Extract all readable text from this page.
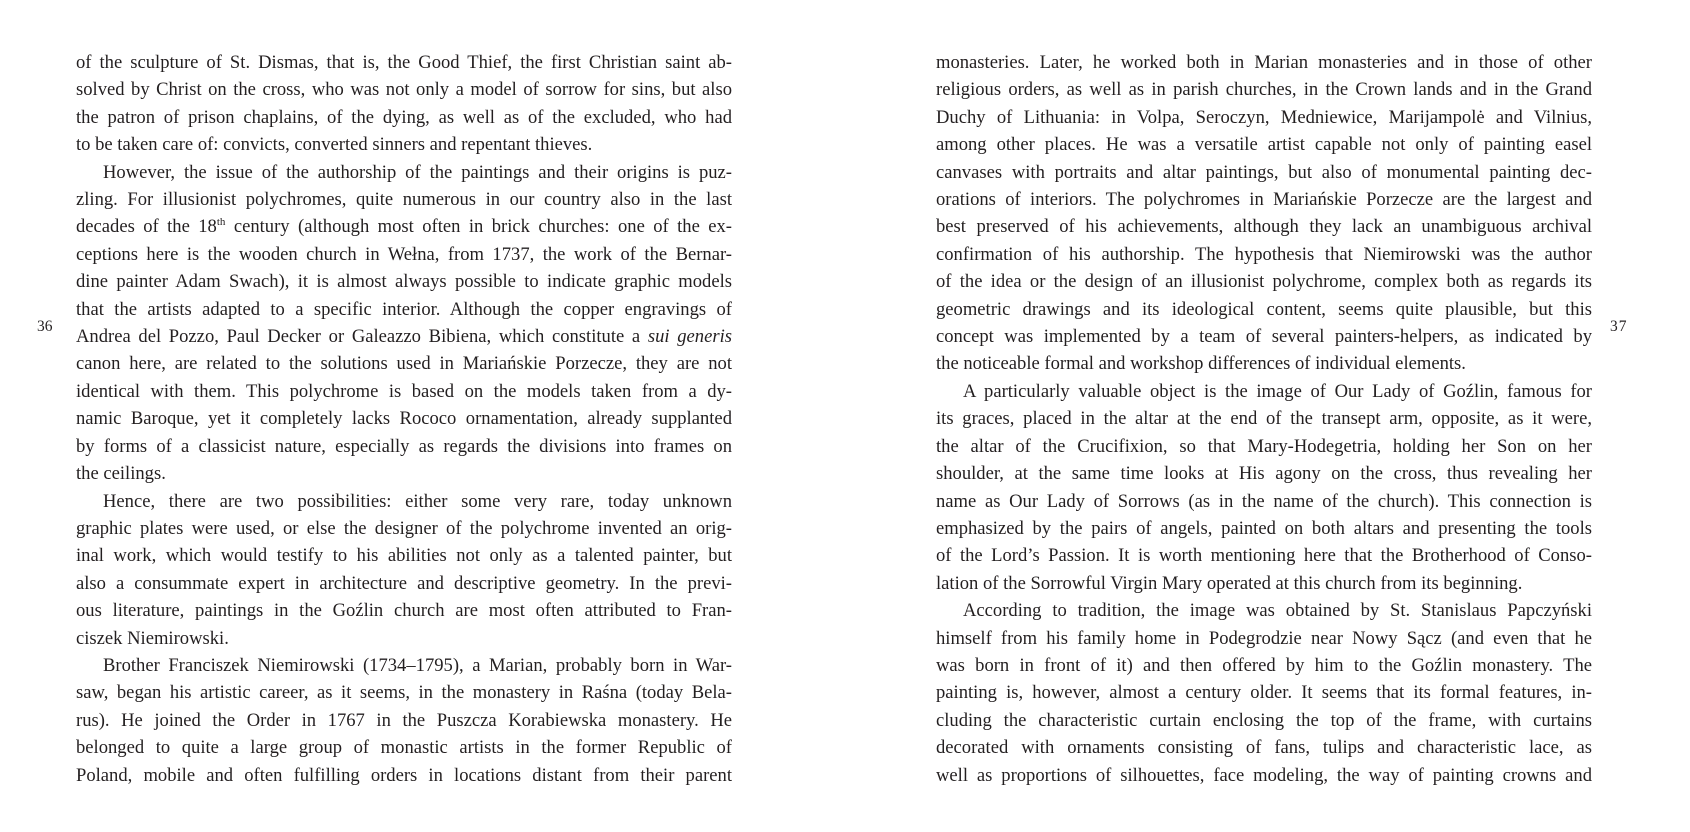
36
of the sculpture of St. Dismas, that is, the Good Thief, the first Christian saint ab-
solved by Christ on the cross, who was not only a model of sorrow for sins, but also
the patron of prison chaplains, of the dying, as well as of the excluded, who had
to be taken care of: convicts, converted sinners and repentant thieves.
However, the issue of the authorship of the paintings and their origins is puz-
zling. For illusionist polychromes, quite numerous in our country also in the last
decades of the 18th century (although most often in brick churches: one of the ex-
ceptions here is the wooden church in Wełna, from 1737, the work of the Bernar-
dine painter Adam Swach), it is almost always possible to indicate graphic models
that the artists adapted to a specific interior. Although the copper engravings of
Andrea del Pozzo, Paul Decker or Galeazzo Bibiena, which constitute a sui generis
canon here, are related to the solutions used in Mariańskie Porzecze, they are not
identical with them. This polychrome is based on the models taken from a dy-
namic Baroque, yet it completely lacks Rococo ornamentation, already supplanted
by forms of a classicist nature, especially as regards the divisions into frames on
the ceilings.
Hence, there are two possibilities: either some very rare, today unknown
graphic plates were used, or else the designer of the polychrome invented an orig-
inal work, which would testify to his abilities not only as a talented painter, but
also a consummate expert in architecture and descriptive geometry. In the previ-
ous literature, paintings in the Goźlin church are most often attributed to Fran-
ciszek Niemirowski.
Brother Franciszek Niemirowski (1734–1795), a Marian, probably born in War-
saw, began his artistic career, as it seems, in the monastery in Raśna (today Bela-
rus). He joined the Order in 1767 in the Puszcza Korabiewska monastery. He
belonged to quite a large group of monastic artists in the former Republic of
Poland, mobile and often fulfilling orders in locations distant from their parent
monasteries. Later, he worked both in Marian monasteries and in those of other
religious orders, as well as in parish churches, in the Crown lands and in the Grand
Duchy of Lithuania: in Volpa, Seroczyn, Medniewice, Marijampolė and Vilnius,
among other places. He was a versatile artist capable not only of painting easel
canvases with portraits and altar paintings, but also of monumental painting dec-
orations of interiors. The polychromes in Mariańskie Porzecze are the largest and
best preserved of his achievements, although they lack an unambiguous archival
confirmation of his authorship. The hypothesis that Niemirowski was the author
of the idea or the design of an illusionist polychrome, complex both as regards its
geometric drawings and its ideological content, seems quite plausible, but this
concept was implemented by a team of several painters-helpers, as indicated by
the noticeable formal and workshop differences of individual elements.
A particularly valuable object is the image of Our Lady of Goźlin, famous for
its graces, placed in the altar at the end of the transept arm, opposite, as it were,
the altar of the Crucifixion, so that Mary-Hodegetria, holding her Son on her
shoulder, at the same time looks at His agony on the cross, thus revealing her
name as Our Lady of Sorrows (as in the name of the church). This connection is
emphasized by the pairs of angels, painted on both altars and presenting the tools
of the Lord’s Passion. It is worth mentioning here that the Brotherhood of Conso-
lation of the Sorrowful Virgin Mary operated at this church from its beginning.
According to tradition, the image was obtained by St. Stanislaus Papczyński
himself from his family home in Podegrodzie near Nowy Sącz (and even that he
was born in front of it) and then offered by him to the Goźlin monastery. The
painting is, however, almost a century older. It seems that its formal features, in-
cluding the characteristic curtain enclosing the top of the frame, with curtains
decorated with ornaments consisting of fans, tulips and characteristic lace, as
well as proportions of silhouettes, face modeling, the way of painting crowns and
37
